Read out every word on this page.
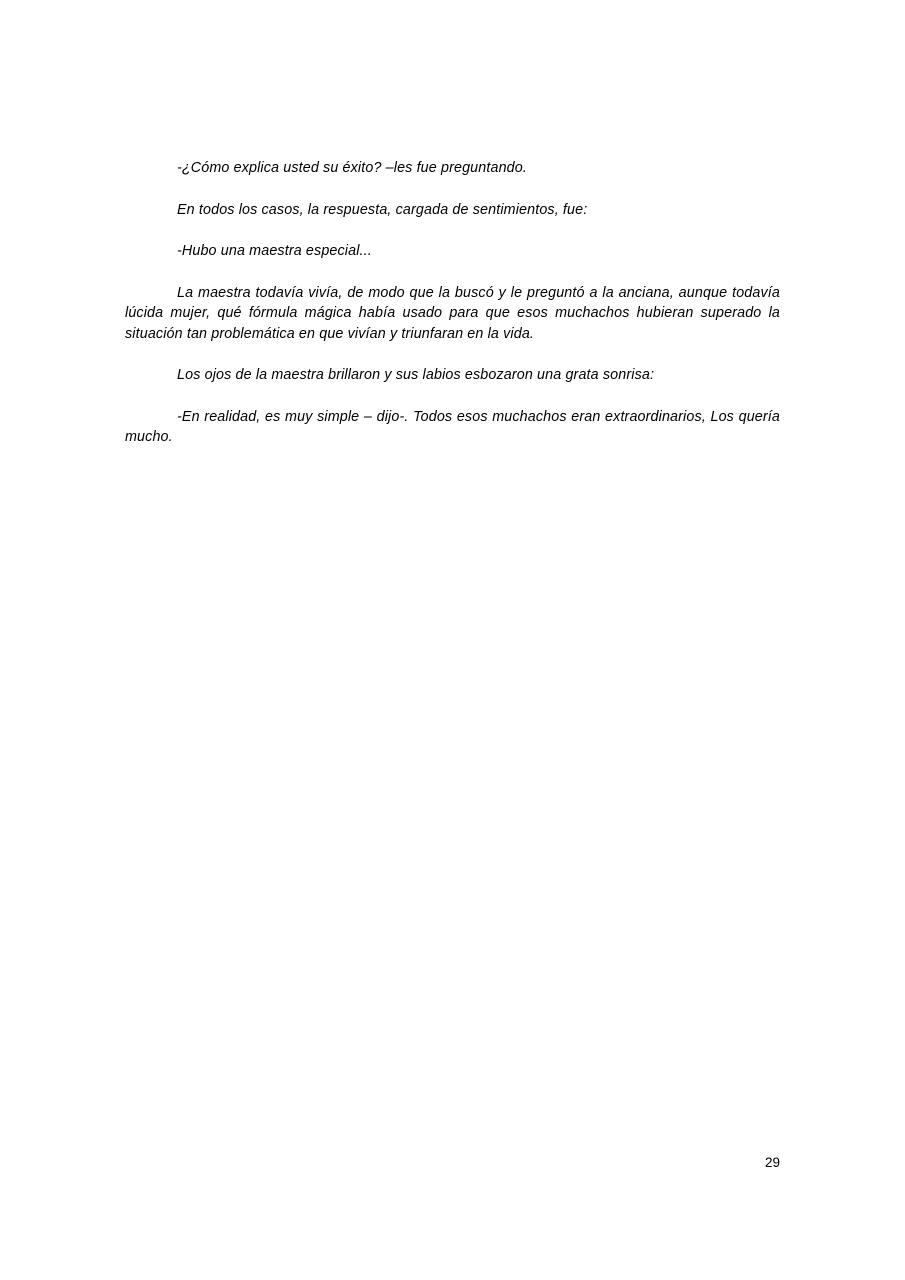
-¿Cómo explica usted su éxito? –les fue preguntando.

En todos los casos, la respuesta, cargada de sentimientos, fue:

-Hubo una maestra especial...

La maestra todavía vivía, de modo que la buscó y le preguntó a la anciana, aunque todavía lúcida mujer, qué fórmula mágica había usado para que esos muchachos hubieran superado la situación tan problemática en que vivían y triunfaran en la vida.

Los ojos de la maestra brillaron y sus labios esbozaron una grata sonrisa:

-En realidad, es muy simple – dijo-. Todos esos muchachos eran extraordinarios, Los quería mucho.

29
